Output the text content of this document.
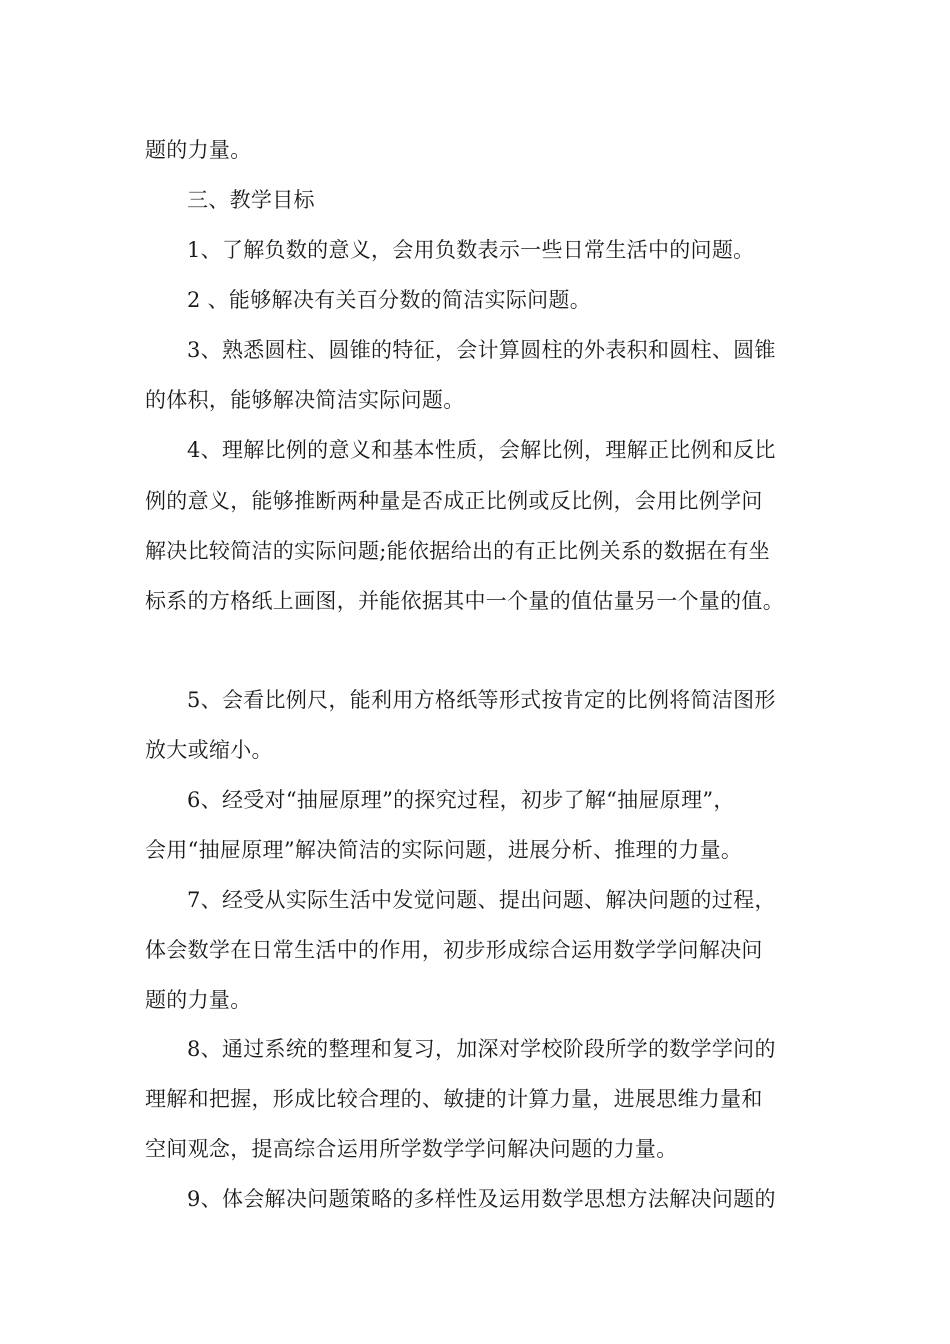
题的力量。
三、教学目标
1、了解负数的意义，会用负数表示一些日常生活中的问题。
2 、能够解决有关百分数的简洁实际问题。
3、熟悉圆柱、圆锥的特征，会计算圆柱的外表积和圆柱、圆锥
的体积，能够解决简洁实际问题。
4、理解比例的意义和基本性质，会解比例，理解正比例和反比
例的意义，能够推断两种量是否成正比例或反比例，会用比例学问
解决比较简洁的实际问题;能依据给出的有正比例关系的数据在有坐
标系的方格纸上画图，并能依据其中一个量的值估量另一个量的值。
5、会看比例尺，能利用方格纸等形式按肯定的比例将简洁图形
放大或缩小。
6、经受对“抽屉原理”的探究过程，初步了解“抽屉原理”，
会用“抽屉原理”解决简洁的实际问题，进展分析、推理的力量。
7、经受从实际生活中发觉问题、提出问题、解决问题的过程，
体会数学在日常生活中的作用，初步形成综合运用数学学问解决问
题的力量。
8、通过系统的整理和复习，加深对学校阶段所学的数学学问的
理解和把握，形成比较合理的、敏捷的计算力量，进展思维力量和
空间观念，提高综合运用所学数学学问解决问题的力量。
9、体会解决问题策略的多样性及运用数学思想方法解决问题的
